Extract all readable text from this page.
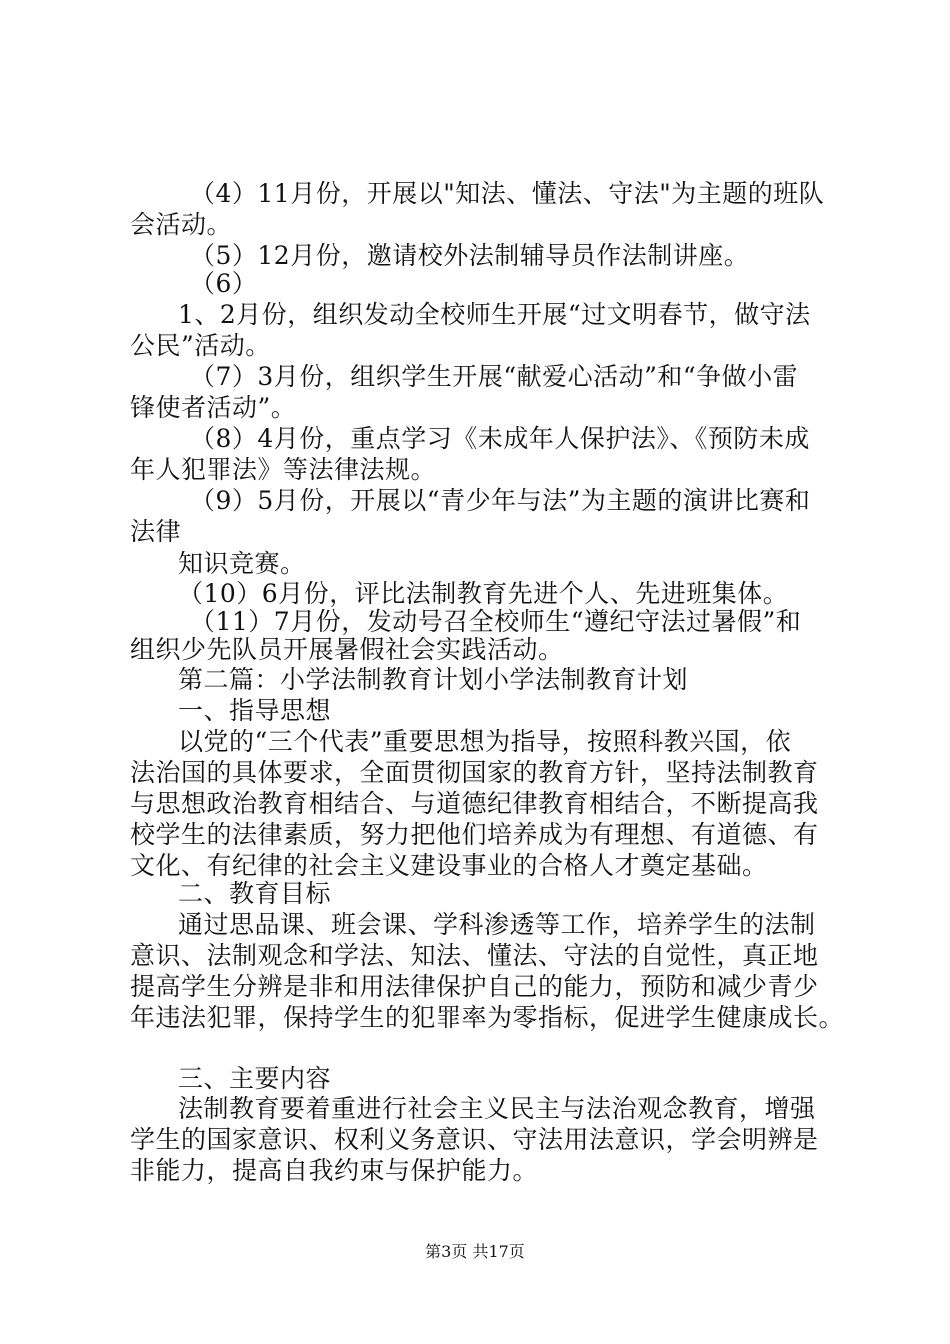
（4）11月份，开展以"知法、懂法、守法"为主题的班队
会活动。
（5）12月份，邀请校外法制辅导员作法制讲座。
（6）
1、2月份，组织发动全校师生开展“过文明春节，做守法
公民”活动。
（7）3月份，组织学生开展“献爱心活动”和“争做小雷
锋使者活动”。
（8）4月份，重点学习《未成年人保护法》、《预防未成
年人犯罪法》等法律法规。
（9）5月份，开展以“青少年与法”为主题的演讲比赛和
法律
知识竞赛。
（10）6月份，评比法制教育先进个人、先进班集体。
（11）7月份，发动号召全校师生“遵纪守法过暑假”和
组织少先队员开展暑假社会实践活动。
第二篇：小学法制教育计划小学法制教育计划
一、指导思想
以党的“三个代表”重要思想为指导，按照科教兴国，依
法治国的具体要求，全面贯彻国家的教育方针，坚持法制教育
与思想政治教育相结合、与道德纪律教育相结合，不断提高我
校学生的法律素质，努力把他们培养成为有理想、有道德、有
文化、有纪律的社会主义建设事业的合格人才奠定基础。
二、教育目标
通过思品课、班会课、学科渗透等工作，培养学生的法制
意识、法制观念和学法、知法、懂法、守法的自觉性，真正地
提高学生分辨是非和用法律保护自己的能力，预防和减少青少
年违法犯罪，保持学生的犯罪率为零指标，促进学生健康成长。
三、主要内容
法制教育要着重进行社会主义民主与法治观念教育，增强
学生的国家意识、权利义务意识、守法用法意识，学会明辨是
非能力，提高自我约束与保护能力。
第3页 共17页
